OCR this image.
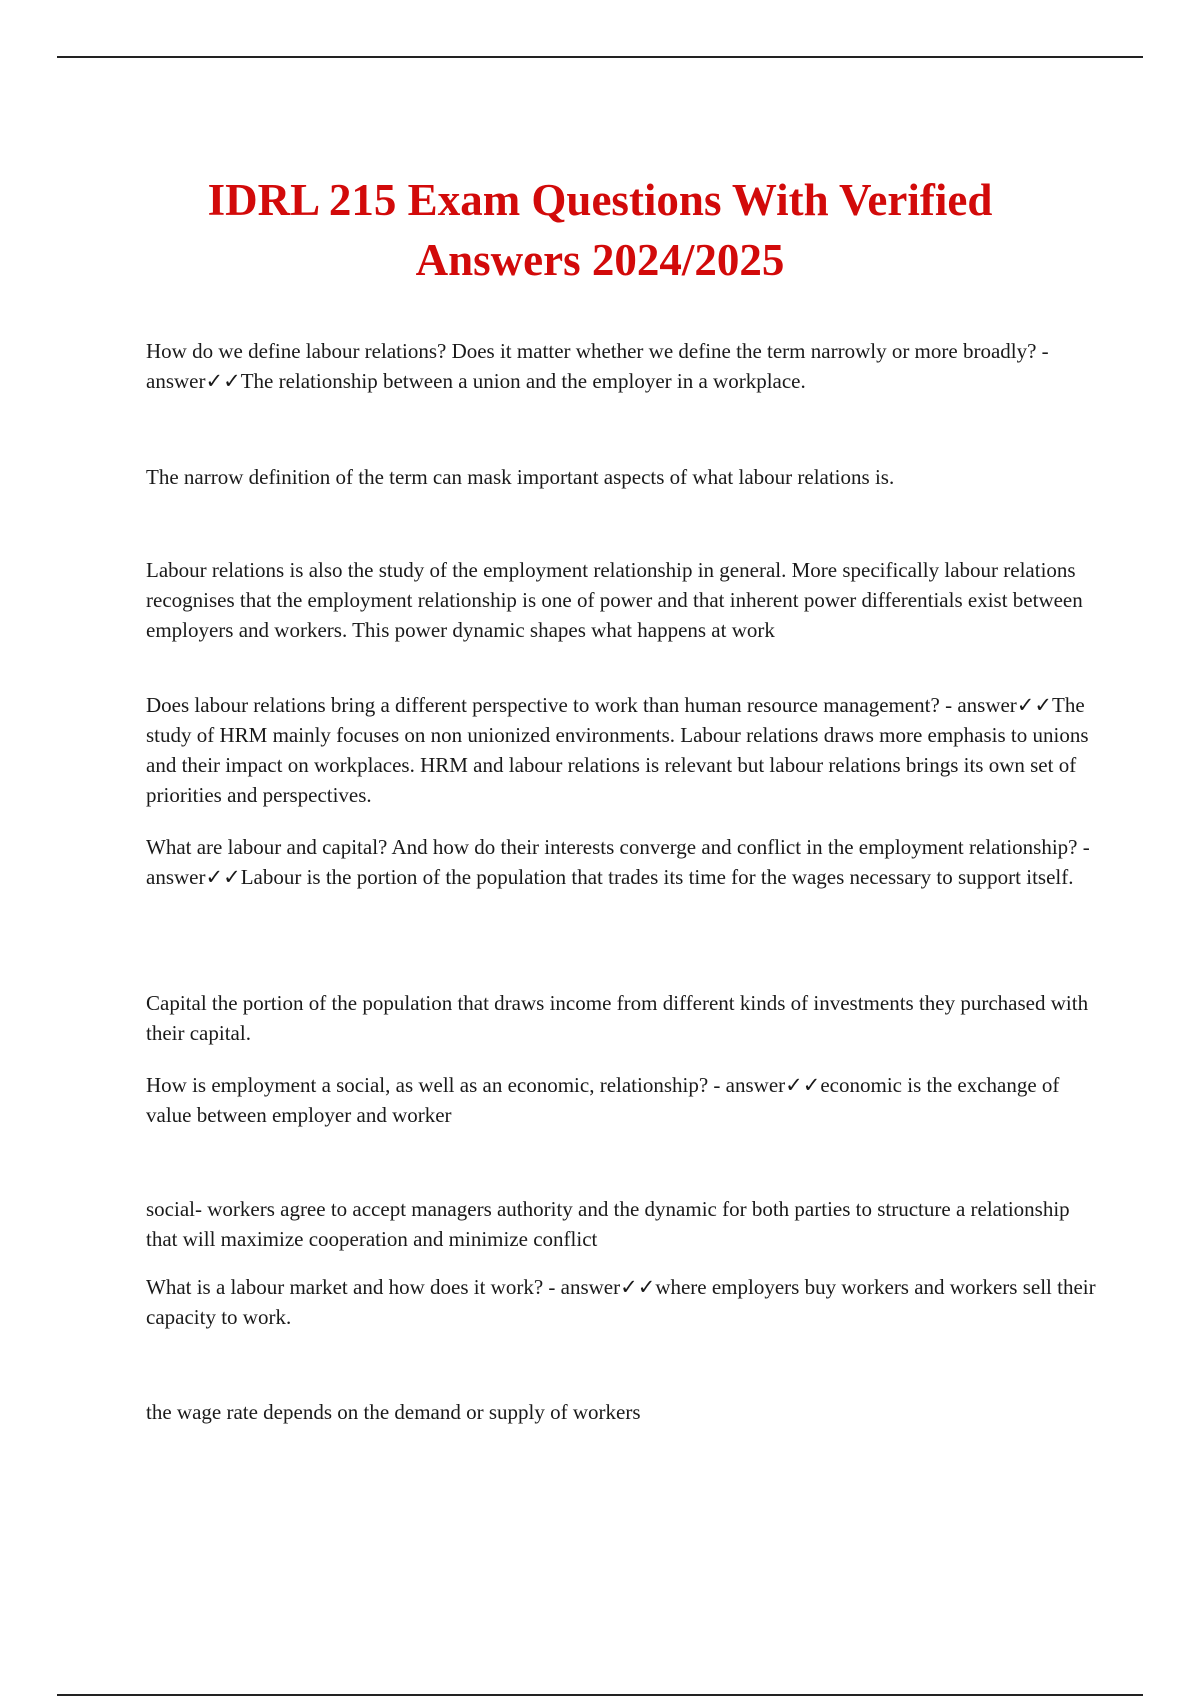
IDRL 215 Exam Questions With Verified
Answers 2024/2025

How do we define labour relations? Does it matter whether we define the term narrowly or more broadly? - answer✓✓The relationship between a union and the employer in a workplace.

The narrow definition of the term can mask important aspects of what labour relations is.

Labour relations is also the study of the employment relationship in general. More specifically labour relations recognises that the employment relationship is one of power and that inherent power differentials exist between employers and workers. This power dynamic shapes what happens at work

Does labour relations bring a different perspective to work than human resource management? - answer✓✓The study of HRM mainly focuses on non unionized environments. Labour relations draws more emphasis to unions and their impact on workplaces. HRM and labour relations is relevant but labour relations brings its own set of priorities and perspectives.

What are labour and capital? And how do their interests converge and conflict in the employment relationship? - answer✓✓Labour is the portion of the population that trades its time for the wages necessary to support itself.

Capital the portion of the population that draws income from different kinds of investments they purchased with their capital.

How is employment a social, as well as an economic, relationship? - answer✓✓economic is the exchange of value between employer and worker

social- workers agree to accept managers authority and the dynamic for both parties to structure a relationship that will maximize cooperation and minimize conflict

What is a labour market and how does it work? - answer✓✓where employers buy workers and workers sell their capacity to work.

the wage rate depends on the demand or supply of workers
